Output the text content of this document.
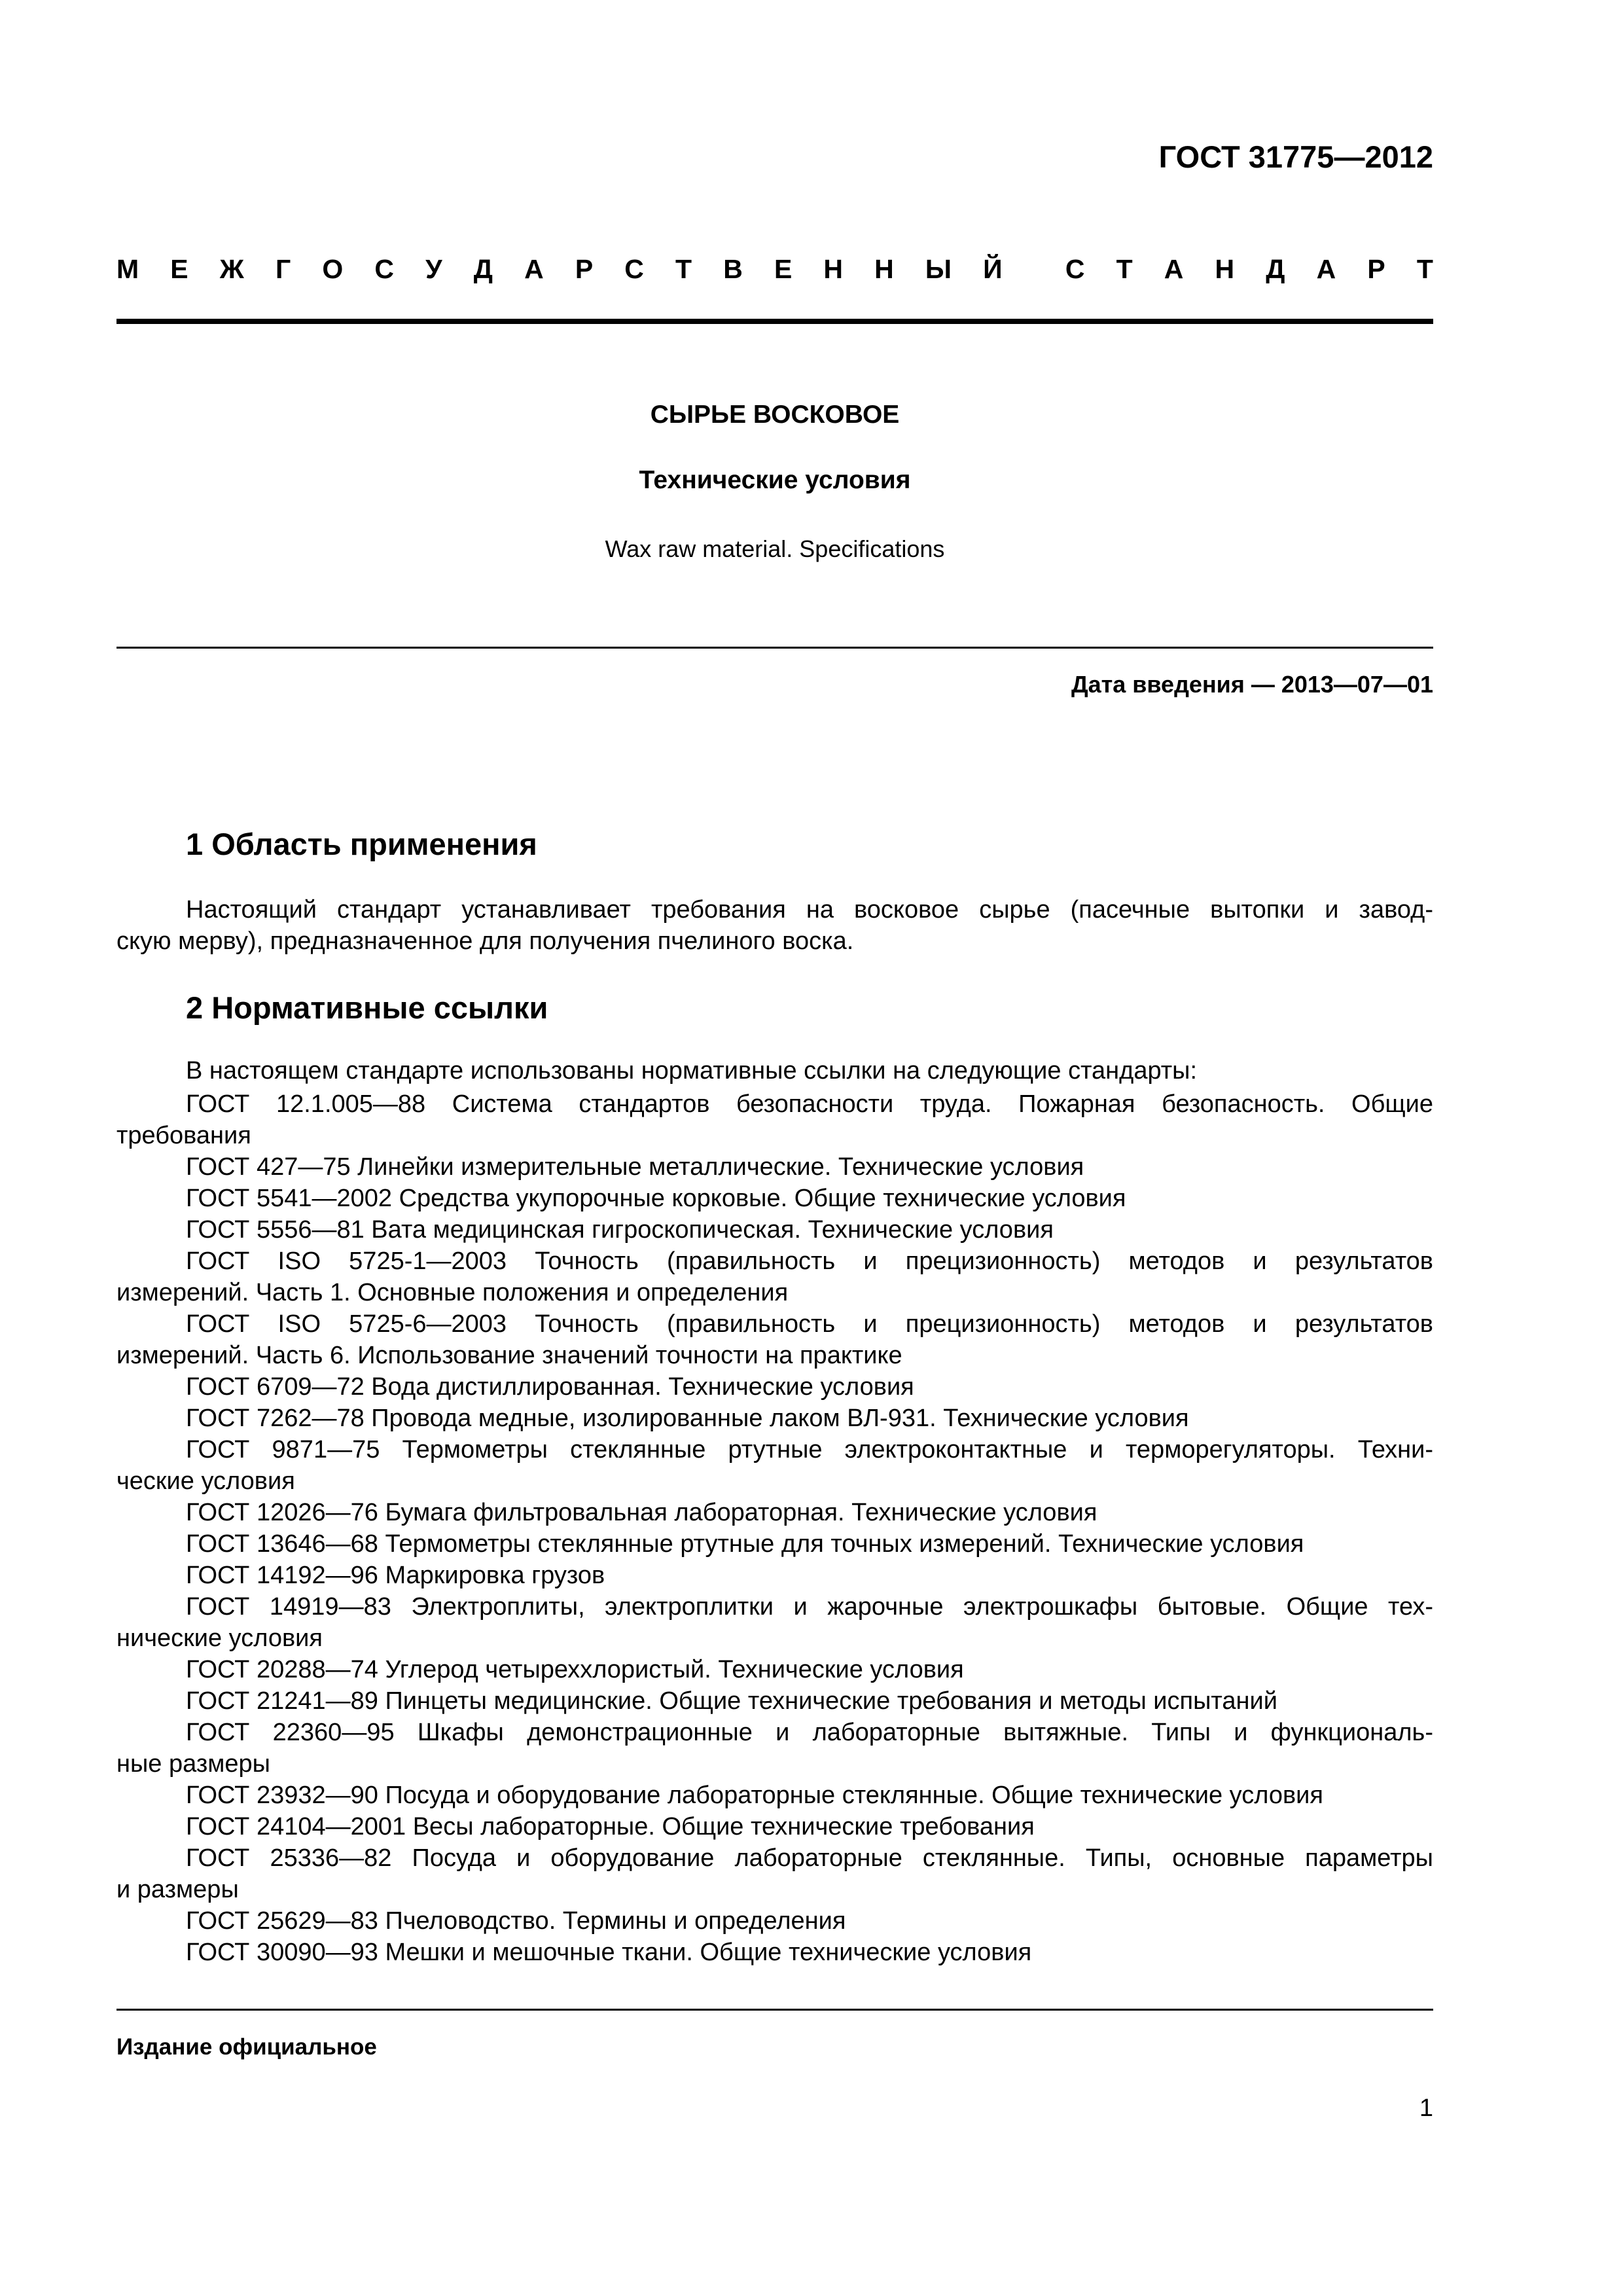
ГОСТ 31775—2012
М Е Ж Г О С У Д А Р С Т В Е Н Н Ы Й С Т А Н Д А Р Т
СЫРЬЕ ВОСКОВОЕ
Технические условия
Wax raw material. Specifications
Дата введения — 2013—07—01
1 Область применения
Настоящий стандарт устанавливает требования на восковое сырье (пасечные вытопки и завод-
скую мерву), предназначенное для получения пчелиного воска.
2 Нормативные ссылки
В настоящем стандарте использованы нормативные ссылки на следующие стандарты:
ГОСТ 12.1.005—88 Система стандартов безопасности труда. Пожарная безопасность. Общие
требования
ГОСТ 427—75 Линейки измерительные металлические. Технические условия
ГОСТ 5541—2002 Средства укупорочные корковые. Общие технические условия
ГОСТ 5556—81 Вата медицинская гигроскопическая. Технические условия
ГОСТ ISO 5725-1—2003 Точность (правильность и прецизионность) методов и результатов
измерений. Часть 1. Основные положения и определения
ГОСТ ISO 5725-6—2003 Точность (правильность и прецизионность) методов и результатов
измерений. Часть 6. Использование значений точности на практике
ГОСТ 6709—72 Вода дистиллированная. Технические условия
ГОСТ 7262—78 Провода медные, изолированные лаком ВЛ-931. Технические условия
ГОСТ 9871—75 Термометры стеклянные ртутные электроконтактные и терморегуляторы. Техни-
ческие условия
ГОСТ 12026—76 Бумага фильтровальная лабораторная. Технические условия
ГОСТ 13646—68 Термометры стеклянные ртутные для точных измерений. Технические условия
ГОСТ 14192—96 Маркировка грузов
ГОСТ 14919—83 Электроплиты, электроплитки и жарочные электрошкафы бытовые. Общие тех-
нические условия
ГОСТ 20288—74 Углерод четыреххлористый. Технические условия
ГОСТ 21241—89 Пинцеты медицинские. Общие технические требования и методы испытаний
ГОСТ 22360—95 Шкафы демонстрационные и лабораторные вытяжные. Типы и функциональ-
ные размеры
ГОСТ 23932—90 Посуда и оборудование лабораторные стеклянные. Общие технические условия
ГОСТ 24104—2001 Весы лабораторные. Общие технические требования
ГОСТ 25336—82 Посуда и оборудование лабораторные стеклянные. Типы, основные параметры
и размеры
ГОСТ 25629—83 Пчеловодство. Термины и определения
ГОСТ 30090—93 Мешки и мешочные ткани. Общие технические условия
Издание официальное
1
